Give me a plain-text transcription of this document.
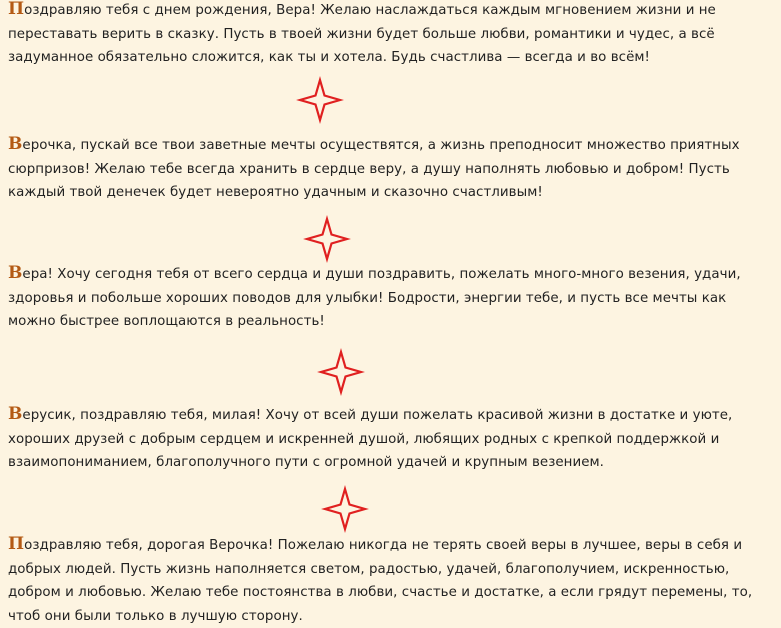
Поздравляю тебя с днем рождения, Вера! Желаю наслаждаться каждым мгновением жизни и не переставать верить в сказку. Пусть в твоей жизни будет больше любви, романтики и чудес, а всё задуманное обязательно сложится, как ты и хотела. Будь счастлива — всегда и во всём!

Верочка, пускай все твои заветные мечты осуществятся, а жизнь преподносит множество приятных сюрпризов! Желаю тебе всегда хранить в сердце веру, а душу наполнять любовью и добром! Пусть каждый твой денечек будет невероятно удачным и сказочно счастливым!

Вера! Хочу сегодня тебя от всего сердца и души поздравить, пожелать много-много везения, удачи, здоровья и побольше хороших поводов для улыбки! Бодрости, энергии тебе, и пусть все мечты как можно быстрее воплощаются в реальность!

Верусик, поздравляю тебя, милая! Хочу от всей души пожелать красивой жизни в достатке и уюте, хороших друзей с добрым сердцем и искренней душой, любящих родных с крепкой поддержкой и взаимопониманием, благополучного пути с огромной удачей и крупным везением.

Поздравляю тебя, дорогая Верочка! Пожелаю никогда не терять своей веры в лучшее, веры в себя и добрых людей. Пусть жизнь наполняется светом, радостью, удачей, благополучием, искренностью, добром и любовью. Желаю тебе постоянства в любви, счастье и достатке, а если грядут перемены, то, чтоб они были только в лучшую сторону.
